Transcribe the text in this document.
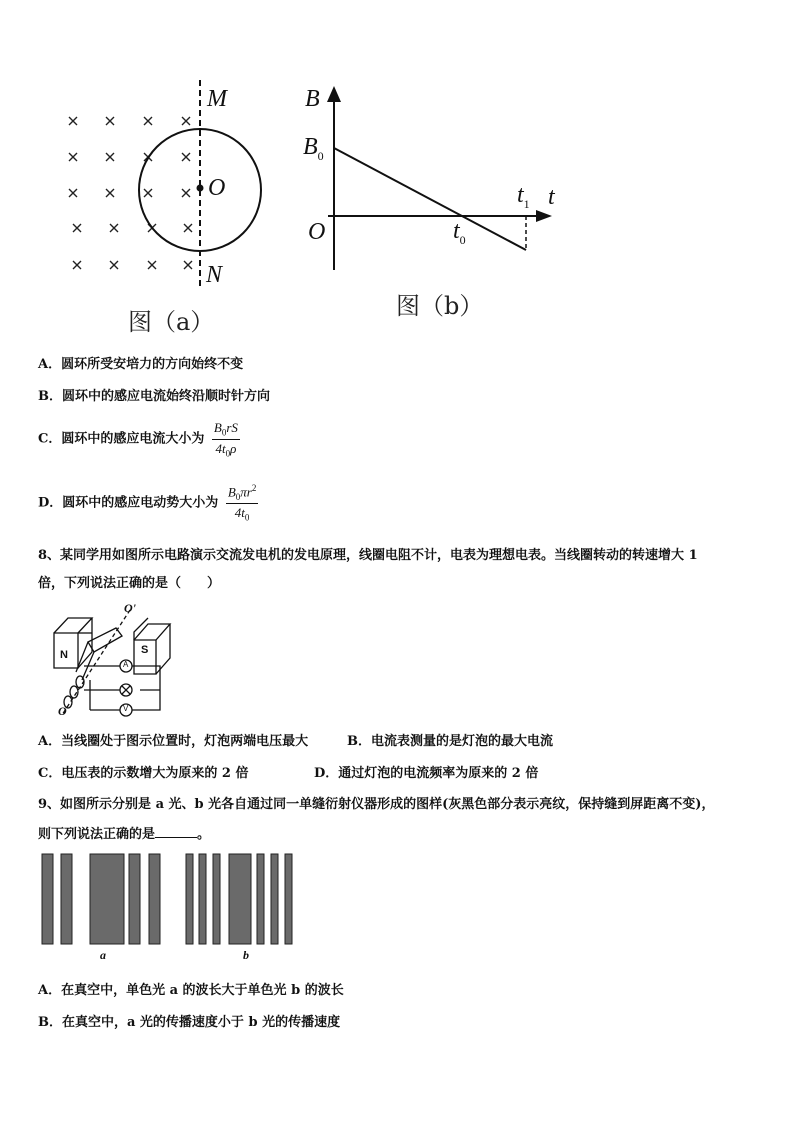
M
O
N
图（a）
B
$B_0$
O
t
$t_1$
$t_0$
图（b）
A．圆环所受安培力的方向始终不变
B．圆环中的感应电流始终沿顺时针方向
C．圆环中的感应电流大小为 $\frac{B_0rS}{4t_0\rho}$
D．圆环中的感应电动势大小为 $\frac{B_0\pi r^2}{4t_0}$
8、某同学用如图所示电路演示交流发电机的发电原理，线圈电阻不计，电表为理想电表。当线圈转动的转速增大 1
倍，下列说法正确的是（　　）
N	S
O'
O
A
V
A．当线圈处于图示位置时，灯泡两端电压最大	B．电流表测量的是灯泡的最大电流
C．电压表的示数增大为原来的 2 倍	D．通过灯泡的电流频率为原来的 2 倍
9、如图所示分别是 a 光、b 光各自通过同一单缝衍射仪器形成的图样(灰黑色部分表示亮纹，保持缝到屏距离不变)，
则下列说法正确的是	。
a	b
A．在真空中，单色光 a 的波长大于单色光 b 的波长
B．在真空中，a 光的传播速度小于 b 光的传播速度
